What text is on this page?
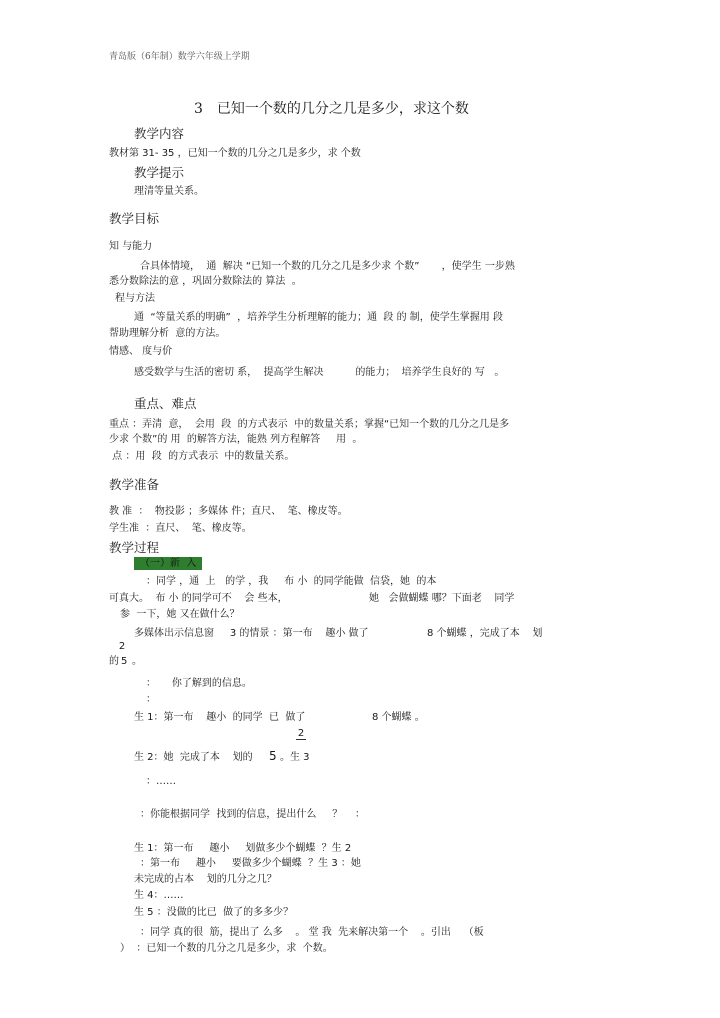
青岛版（6年制）数学六年级上学期
3　已知一个数的几分之几是多少，求这个数
教学内容
教材第 31- 35 ，已知一个数的几分之几是多少，求 个数
教学提示
理清等量关系。
教学目标
知 与能力
合具体情境，  通  解决 “已知一个数的几分之几是多少求 个数”       ，使学生 一步熟
悉分数除法的意 ，巩固分数除法的 算法  。
程与方法
通  “等量关系的明确”  ，培养学生分析理解的能力；通  段 的 制，使学生掌握用 段
帮助理解分析  意的方法。
情感、 度与价
感受数学与生活的密切 系，  提高学生解决          的能力；  培养学生良好的 写   。
重点、难点
重点 ：弄清  意，  会用  段  的方式表示  中的数量关系；掌握“已知一个数的几分之几是多
少求 个数”的 用  的解答方法，能熟 列方程解答     用  。
点 ：用  段  的方式表示  中的数量关系。
教学准备
教 准  ：  物投影 ；多媒体 件；直尺、  笔、橡皮等。
学生准  ：直尺、  笔、橡皮等。
教学过程
（一）新  入
：同学 ，通  上   的学 ，我     布 小  的同学能做  信袋，她  的本
可真大。  布 小 的同学可不    会 些本，	她   会做蝴蝶 哪？下面老    同学
参  一下，她 又在做什么？
多媒体出示信息窗     3 的情景 ：第一布    趣小 做了	8 个蝴蝶 ，完成了本    划
2
的 5 。
：     你了解到的信息。
：
生 1：第一布    趣小  的同学  已  做了	8 个蝴蝶 。
2
生 2：她  完成了本    划的 5 。生 3
：……
：你能根据同学  找到的信息，提出什么     ？    ：
生 1：第一布     趣小     划做多少个蝴蝶  ？生 2
：第一布     趣小     要做多少个蝴蝶  ？生 3 ：她
未完成的占本    划的几分之几？
生 4：……
生 5 ：没做的比已  做了的多多少？
：同学 真的很  筋，提出了 么多    。 堂 我  先来解决第一个    。引出    （板
）  ：已知一个数的几分之几是多少，求  个数。
